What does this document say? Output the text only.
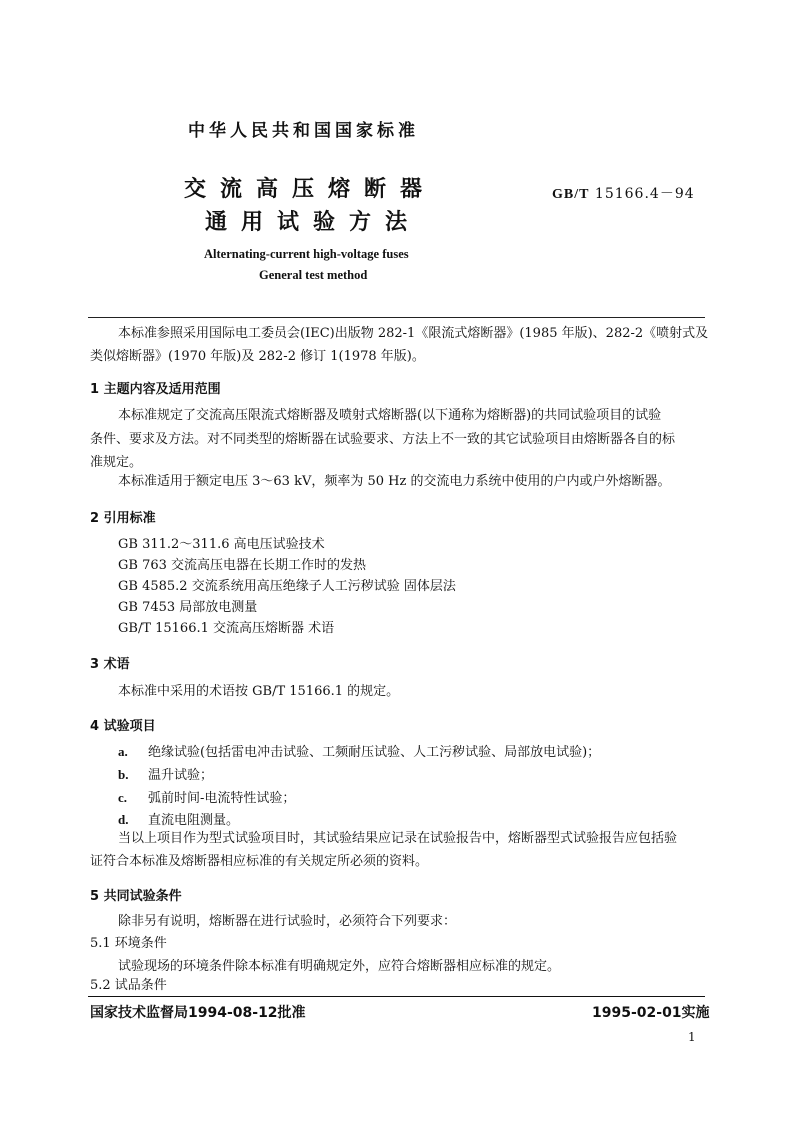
中华人民共和国国家标准
交流高压熔断器
通用试验方法
GB/T 15166.4－94
Alternating-current high-voltage fuses
General test method
本标准参照采用国际电工委员会(IEC)出版物 282-1《限流式熔断器》(1985 年版)、282-2《喷射式及
类似熔断器》(1970 年版)及 282-2 修订 1(1978 年版)。
1 主题内容及适用范围
本标准规定了交流高压限流式熔断器及喷射式熔断器(以下通称为熔断器)的共同试验项目的试验
条件、要求及方法。对不同类型的熔断器在试验要求、方法上不一致的其它试验项目由熔断器各自的标
准规定。
本标准适用于额定电压 3～63 kV，频率为 50 Hz 的交流电力系统中使用的户内或户外熔断器。
2 引用标准
GB 311.2～311.6 高电压试验技术
GB 763 交流高压电器在长期工作时的发热
GB 4585.2 交流系统用高压绝缘子人工污秽试验 固体层法
GB 7453 局部放电测量
GB/T 15166.1 交流高压熔断器 术语
3 术语
本标准中采用的术语按 GB/T 15166.1 的规定。
4 试验项目
a. 绝缘试验(包括雷电冲击试验、工频耐压试验、人工污秽试验、局部放电试验)；
b. 温升试验；
c. 弧前时间-电流特性试验；
d. 直流电阻测量。
当以上项目作为型式试验项目时，其试验结果应记录在试验报告中，熔断器型式试验报告应包括验
证符合本标准及熔断器相应标准的有关规定所必须的资料。
5 共同试验条件
除非另有说明，熔断器在进行试验时，必须符合下列要求：
5.1 环境条件
试验现场的环境条件除本标准有明确规定外，应符合熔断器相应标准的规定。
5.2 试品条件
国家技术监督局1994-08-12批准	1995-02-01实施
1
